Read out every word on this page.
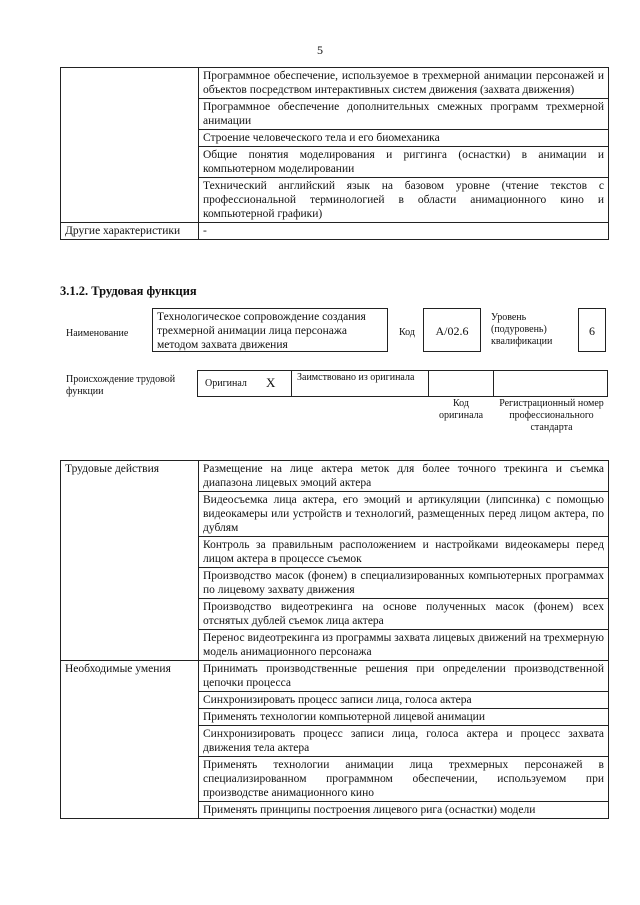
5
	Программное обеспечение, используемое в трехмерной анимации персонажей и объектов посредством интерактивных систем движения (захвата движения)
	Программное обеспечение дополнительных смежных программ трехмерной анимации
	Строение человеческого тела и его биомеханика
	Общие понятия моделирования и риггинга (оснастки) в анимации и компьютерном моделировании
	Технический английский язык на базовом уровне (чтение текстов с профессиональной терминологией в области анимационного кино и компьютерной графики)
Другие характеристики	-
3.1.2. Трудовая функция
Наименование
Технологическое сопровождение создания трехмерной анимации лица персонажа методом захвата движения
Код	A/02.6
Уровень (подуровень) квалификации
6
Происхождение трудовой функции
Оригинал X Заимствовано из оригинала
Код оригинала
Регистрационный номер профессионального стандарта
Трудовые действия	Размещение на лице актера меток для более точного трекинга и съемка диапазона лицевых эмоций актера
	Видеосъемка лица актера, его эмоций и артикуляции (липсинка) с помощью видеокамеры или устройств и технологий, размещенных перед лицом актера, по дублям
	Контроль за правильным расположением и настройками видеокамеры перед лицом актера в процессе съемок
	Производство масок (фонем) в специализированных компьютерных программах по лицевому захвату движения
	Производство видеотрекинга на основе полученных масок (фонем) всех отснятых дублей съемок лица актера
	Перенос видеотрекинга из программы захвата лицевых движений на трехмерную модель анимационного персонажа
Необходимые умения	Принимать производственные решения при определении производственной цепочки процесса
	Синхронизировать процесс записи лица, голоса актера
	Применять технологии компьютерной лицевой анимации
	Синхронизировать процесс записи лица, голоса актера и процесс захвата движения тела актера
	Применять технологии анимации лица трехмерных персонажей в специализированном программном обеспечении, используемом при производстве анимационного кино
	Применять принципы построения лицевого рига (оснастки) модели
